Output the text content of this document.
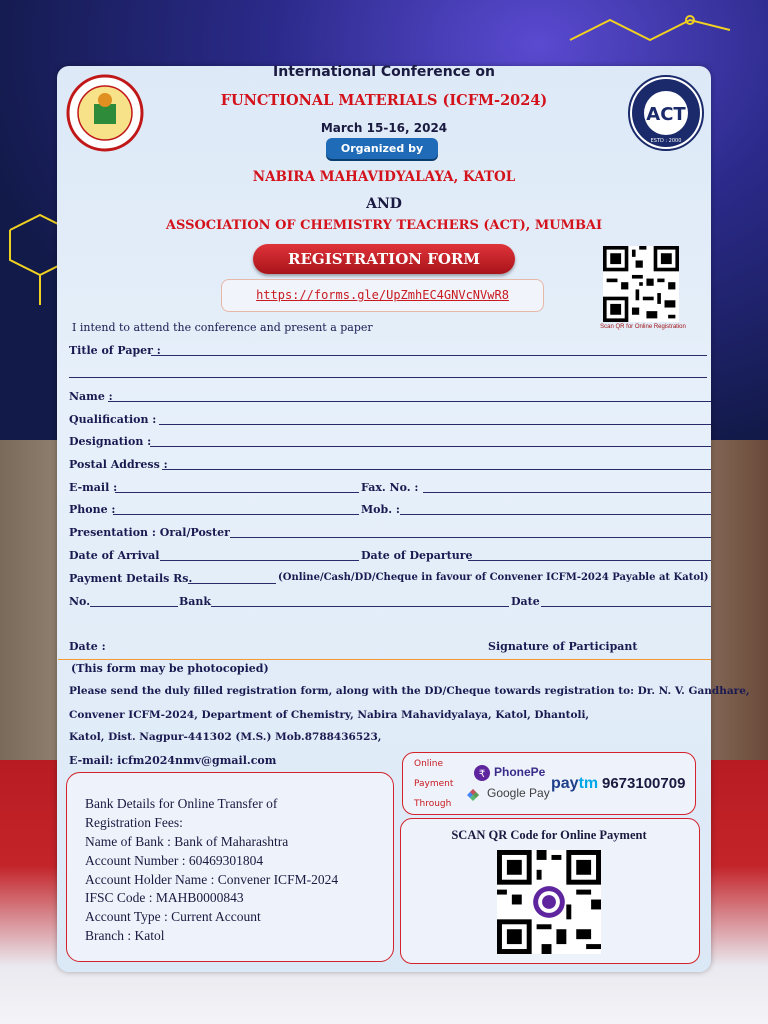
ACT
ESTD : 2000
International Conference on
FUNCTIONAL MATERIALS (ICFM-2024)
March 15-16, 2024
Organized by
NABIRA MAHAVIDYALAYA, KATOL
AND
ASSOCIATION OF CHEMISTRY TEACHERS (ACT), MUMBAI
REGISTRATION FORM
https://forms.gle/UpZmhEC4GNVcNVwR8
Scan QR for Online Registration
I intend to attend the conference and present a paper
Title of Paper :
Name :
Qualification :
Designation :
Postal Address :
E-mail :	Fax. No. :
Phone :	Mob. :
Presentation : Oral/Poster
Date of Arrival	Date of Departure
Payment Details Rs.	(Online/Cash/DD/Cheque in favour of Convener ICFM-2024 Payable at Katol)
No.	Bank	Date
Date :	Signature of Participant
(This form may be photocopied)
Please send the duly filled registration form, along with the DD/Cheque towards registration to: Dr. N. V. Gandhare,
Convener ICFM-2024, Department of Chemistry, Nabira Mahavidyalaya, Katol, Dhantoli,
Katol, Dist. Nagpur-441302 (M.S.) Mob.8788436523,
E-mail: icfm2024nmv@gmail.com
Bank Details for Online Transfer of
Registration Fees:
Name of Bank : Bank of Maharashtra
Account Number : 60469301804
Account Holder Name : Convener ICFM-2024
IFSC Code : MAHB0000843
Account Type : Current Account
Branch : Katol
Online
Payment
Through
₹ PhonePe
Google Pay
paytm 9673100709
SCAN QR Code for Online Payment
